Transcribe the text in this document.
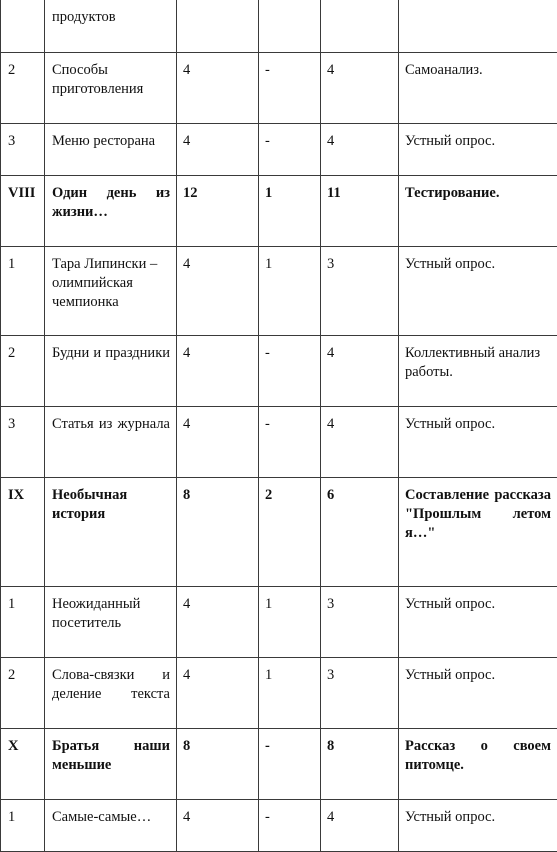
	продуктов				
2	Способы приготовления	4	-	4	Самоанализ.
3	Меню ресторана	4	-	4	Устный опрос.
VIII	Один день из жизни…	12	1	11	Тестирование.
1	Тара Липински – олимпийская чемпионка	4	1	3	Устный опрос.
2	Будни и праздники	4	-	4	Коллективный анализ работы.
3	Статья из журнала	4	-	4	Устный опрос.
IX	Необычная история	8	2	6	Составление рассказа "Прошлым летом я…"
1	Неожиданный посетитель	4	1	3	Устный опрос.
2	Слова-связки и деление текста	4	1	3	Устный опрос.
X	Братья наши меньшие	8	-	8	Рассказ о своем питомце.
1	Самые-самые…	4	-	4	Устный опрос.
